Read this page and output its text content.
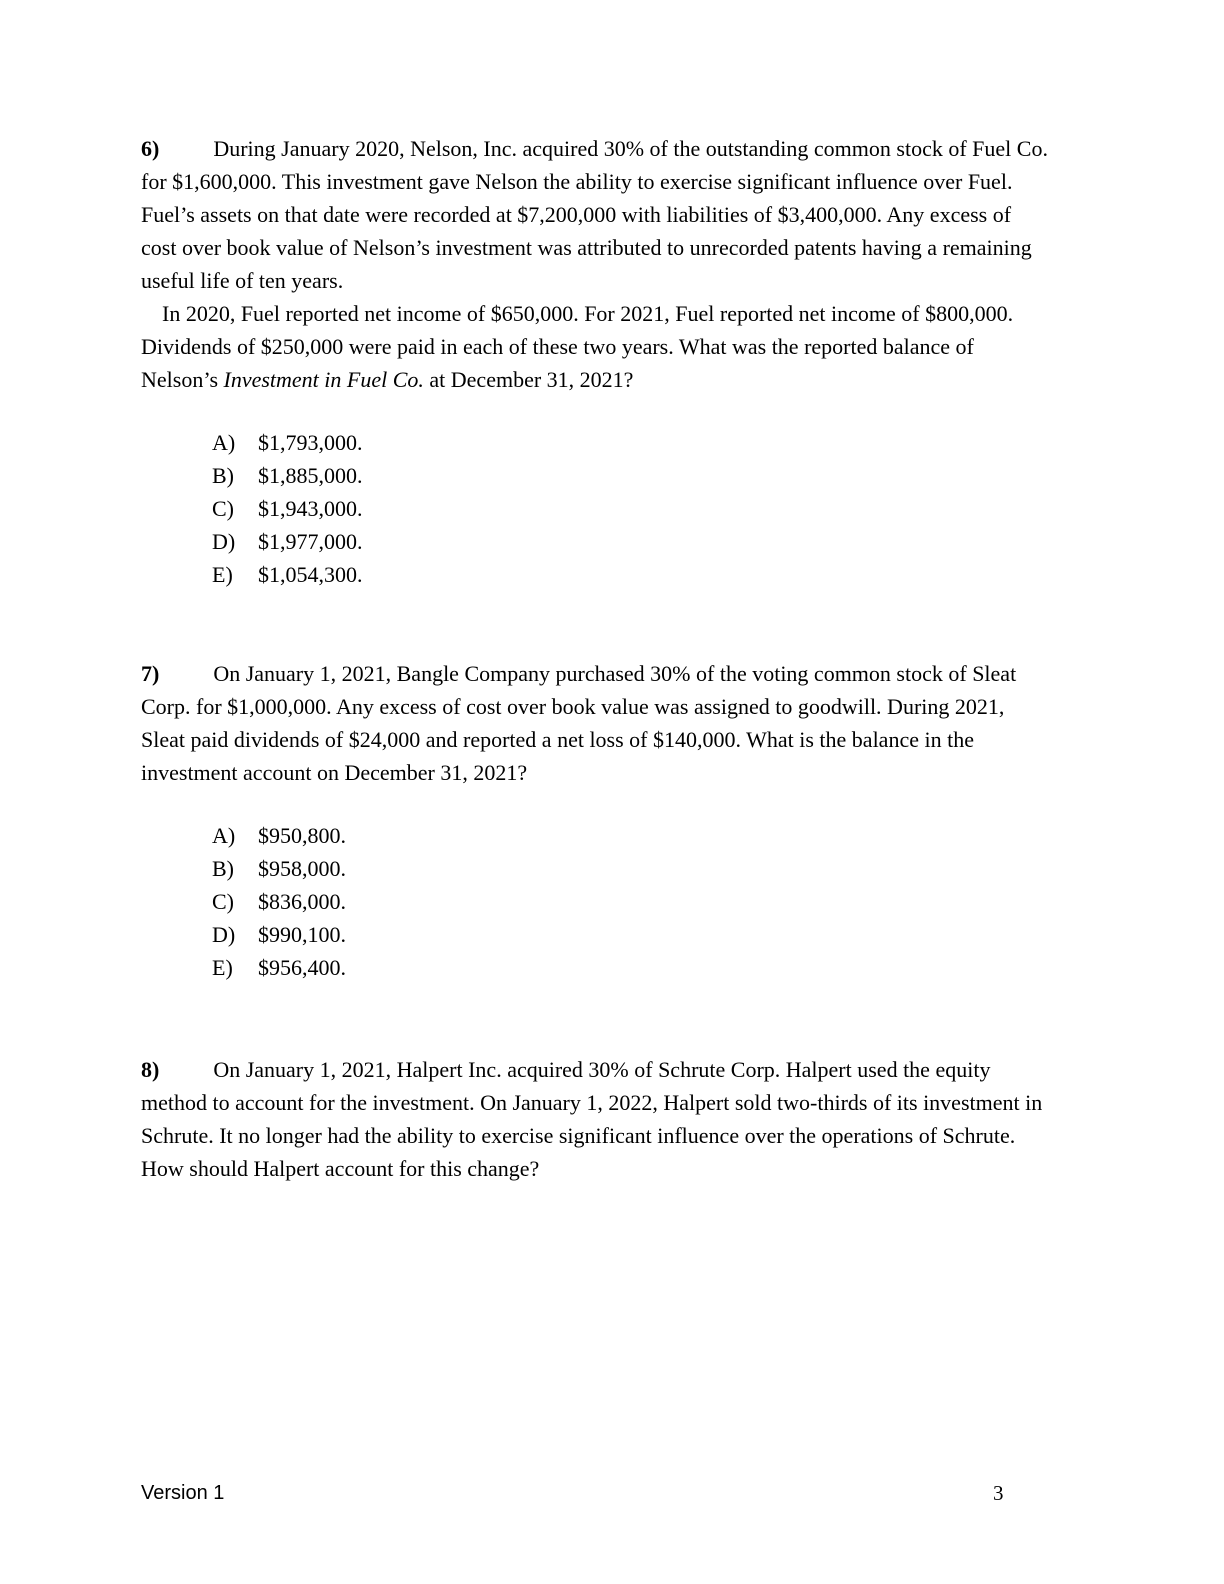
6) During January 2020, Nelson, Inc. acquired 30% of the outstanding common stock of Fuel Co. for $1,600,000. This investment gave Nelson the ability to exercise significant influence over Fuel. Fuel’s assets on that date were recorded at $7,200,000 with liabilities of $3,400,000. Any excess of cost over book value of Nelson’s investment was attributed to unrecorded patents having a remaining useful life of ten years.

In 2020, Fuel reported net income of $650,000. For 2021, Fuel reported net income of $800,000. Dividends of $250,000 were paid in each of these two years. What was the reported balance of Nelson’s Investment in Fuel Co. at December 31, 2021?

A)	$1,793,000.
B)	$1,885,000.
C)	$1,943,000.
D)	$1,977,000.
E)	$1,054,300.

7) On January 1, 2021, Bangle Company purchased 30% of the voting common stock of Sleat Corp. for $1,000,000. Any excess of cost over book value was assigned to goodwill. During 2021, Sleat paid dividends of $24,000 and reported a net loss of $140,000. What is the balance in the investment account on December 31, 2021?

A)	$950,800.
B)	$958,000.
C)	$836,000.
D)	$990,100.
E)	$956,400.

8) On January 1, 2021, Halpert Inc. acquired 30% of Schrute Corp. Halpert used the equity method to account for the investment. On January 1, 2022, Halpert sold two-thirds of its investment in Schrute. It no longer had the ability to exercise significant influence over the operations of Schrute. How should Halpert account for this change?

Version 1	3
